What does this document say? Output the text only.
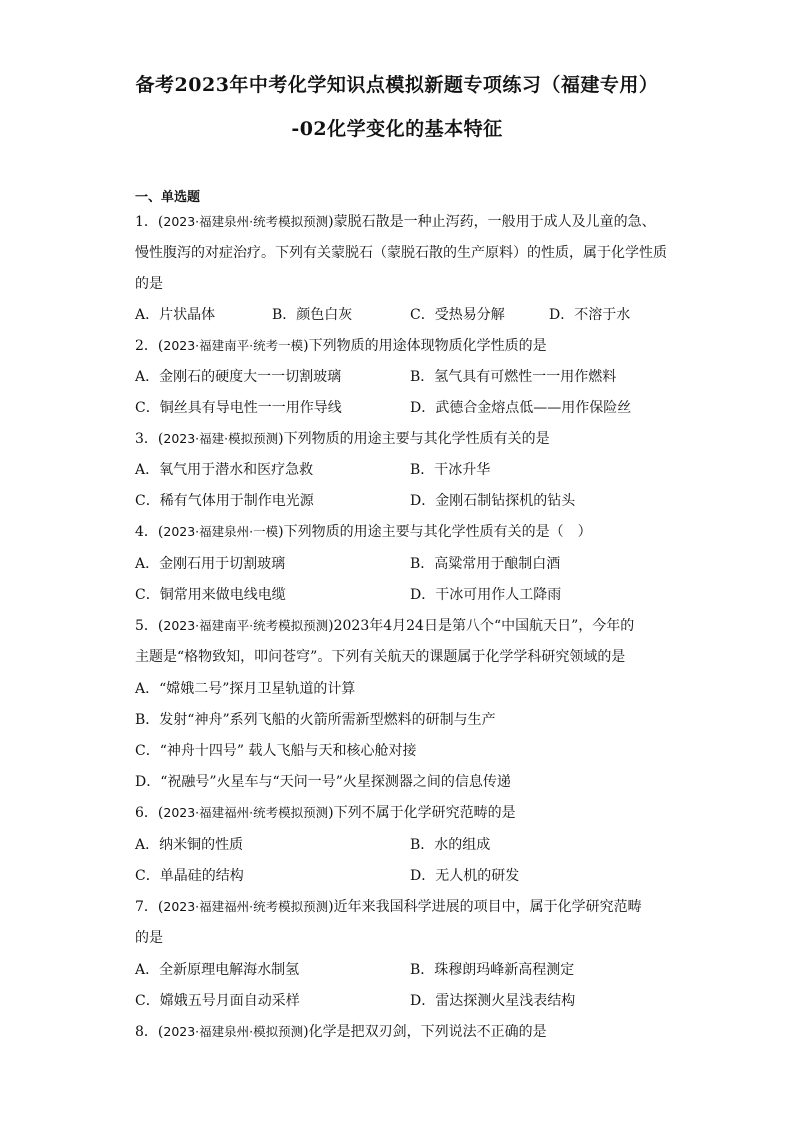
备考2023年中考化学知识点模拟新题专项练习（福建专用）
-02化学变化的基本特征
一、单选题
1．(2023·福建泉州·统考模拟预测)蒙脱石散是一种止泻药，一般用于成人及儿童的急、
慢性腹泻的对症治疗。下列有关蒙脱石（蒙脱石散的生产原料）的性质，属于化学性质
的是
A．片状晶体	B．颜色白灰	C．受热易分解	D．不溶于水
2．(2023·福建南平·统考一模)下列物质的用途体现物质化学性质的是
A．金刚石的硬度大一一切割玻璃	B．氢气具有可燃性一一用作燃料
C．铜丝具有导电性一一用作导线	D．武德合金熔点低——用作保险丝
3．(2023·福建·模拟预测)下列物质的用途主要与其化学性质有关的是
A．氧气用于潜水和医疗急救	B．干冰升华
C．稀有气体用于制作电光源	D．金刚石制钻探机的钻头
4．(2023·福建泉州·一模)下列物质的用途主要与其化学性质有关的是（　）
A．金刚石用于切割玻璃	B．高粱常用于酿制白酒
C．铜常用来做电线电缆	D．干冰可用作人工降雨
5．(2023·福建南平·统考模拟预测)2023年4月24日是第八个“中国航天日”，今年的
主题是“格物致知，叩问苍穹”。下列有关航天的课题属于化学学科研究领域的是
A．“嫦娥二号”探月卫星轨道的计算
B．发射“神舟”系列飞船的火箭所需新型燃料的研制与生产
C．“神舟十四号” 载人飞船与天和核心舱对接
D．“祝融号”火星车与“天问一号”火星探测器之间的信息传递
6．(2023·福建福州·统考模拟预测)下列不属于化学研究范畴的是
A．纳米铜的性质	B．水的组成
C．单晶硅的结构	D．无人机的研发
7．(2023·福建福州·统考模拟预测)近年来我国科学进展的项目中，属于化学研究范畴
的是
A．全新原理电解海水制氢	B．珠穆朗玛峰新高程测定
C．嫦娥五号月面自动采样	D．雷达探测火星浅表结构
8．(2023·福建泉州·模拟预测)化学是把双刃剑，下列说法不正确的是
